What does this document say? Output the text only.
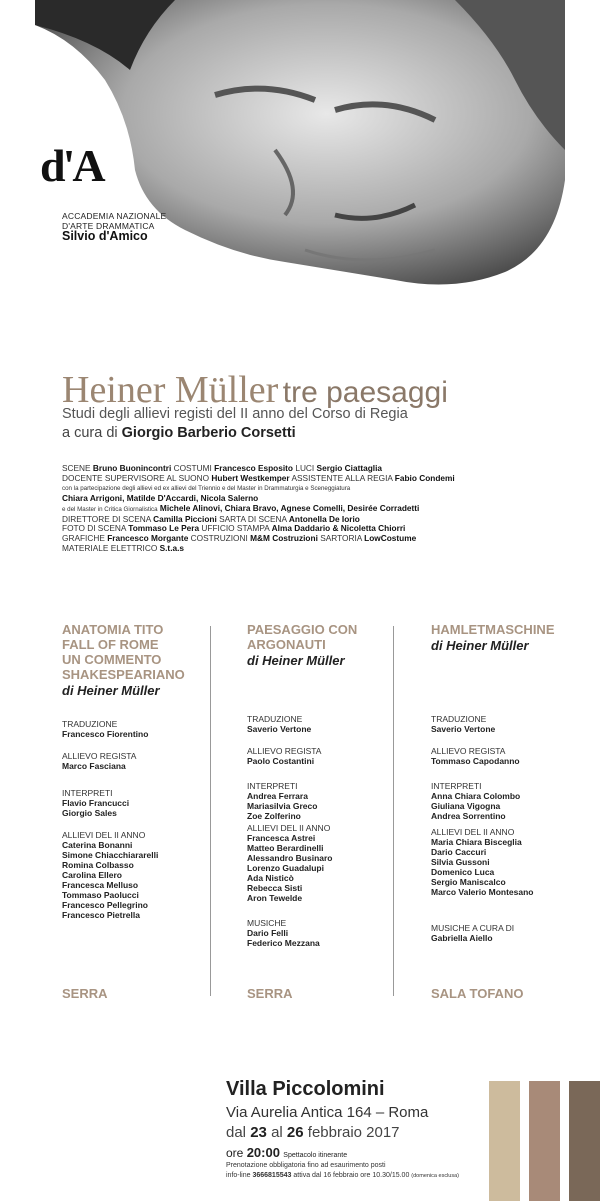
d'A
ACCADEMIA NAZIONALE
D'ARTE DRAMMATICA
Silvio d'Amico
Heiner Müller tre paesaggi
Studi degli allievi registi del II anno del Corso di Regia
a cura di Giorgio Barberio Corsetti
SCENE Bruno Buonincontri COSTUMI Francesco Esposito LUCI Sergio Ciattaglia
DOCENTE SUPERVISORE AL SUONO Hubert Westkemper ASSISTENTE ALLA REGIA Fabio Condemi
con la partecipazione degli allievi ed ex allievi del Triennio e del Master in Drammaturgia e Sceneggiatura
Chiara Arrigoni, Matilde D'Accardi, Nicola Salerno
e del Master in Critica Giornalistica Michele Alinovi, Chiara Bravo, Agnese Comelli, Desirée Corradetti
DIRETTORE DI SCENA Camilla Piccioni SARTA DI SCENA Antonella De Iorio
FOTO DI SCENA Tommaso Le Pera UFFICIO STAMPA Alma Daddario & Nicoletta Chiorri
GRAFICHE Francesco Morgante COSTRUZIONI M&M Costruzioni SARTORIA LowCostume
MATERIALE ELETTRICO S.t.a.s
ANATOMIA TITO
FALL OF ROME
UN COMMENTO
SHAKESPEARIANO
di Heiner Müller
TRADUZIONE
Francesco Fiorentino
ALLIEVO REGISTA
Marco Fasciana
INTERPRETI
Flavio Francucci
Giorgio Sales
ALLIEVI DEL II ANNO
Caterina Bonanni
Simone Chiacchiararelli
Romina Colbasso
Carolina Ellero
Francesca Melluso
Tommaso Paolucci
Francesco Pellegrino
Francesco Pietrella
SERRA
PAESAGGIO CON
ARGONAUTI
di Heiner Müller
TRADUZIONE
Saverio Vertone
ALLIEVO REGISTA
Paolo Costantini
INTERPRETI
Andrea Ferrara
Mariasilvia Greco
Zoe Zolferino
ALLIEVI DEL II ANNO
Francesca Astrei
Matteo Berardinelli
Alessandro Businaro
Lorenzo Guadalupi
Ada Nisticò
Rebecca Sisti
Aron Tewelde
MUSICHE
Dario Felli
Federico Mezzana
SERRA
HAMLETMASCHINE
di Heiner Müller
TRADUZIONE
Saverio Vertone
ALLIEVO REGISTA
Tommaso Capodanno
INTERPRETI
Anna Chiara Colombo
Giuliana Vigogna
Andrea Sorrentino
ALLIEVI DEL II ANNO
Maria Chiara Bisceglia
Dario Caccuri
Silvia Gussoni
Domenico Luca
Sergio Maniscalco
Marco Valerio Montesano
MUSICHE A CURA DI
Gabriella Aiello
SALA TOFANO
Villa Piccolomini
Via Aurelia Antica 164 – Roma
dal 23 al 26 febbraio 2017
ore 20:00 Spettacolo itinerante
Prenotazione obbligatoria fino ad esaurimento posti
info-line 3666815543 attiva dal 16 febbraio ore 10.30/15.00 (domenica esclusa)
